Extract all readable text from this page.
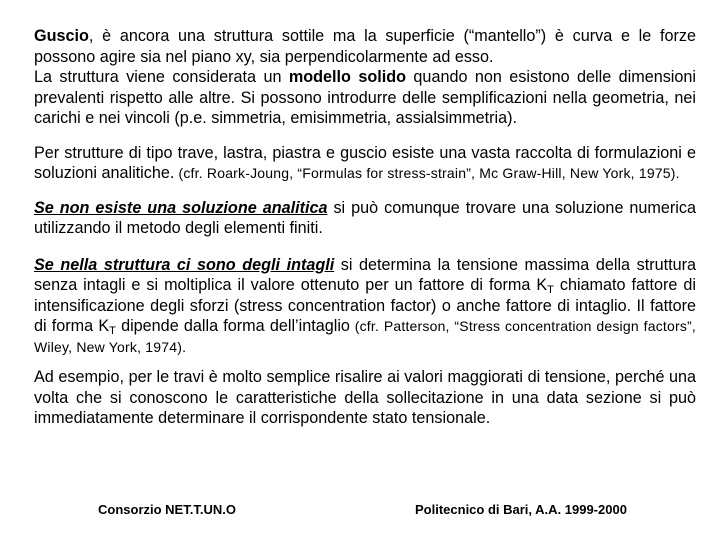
Guscio, è ancora una struttura sottile ma la superficie (“mantello”) è curva e le forze possono agire sia nel piano xy, sia perpendicolarmente ad esso.

La struttura viene considerata un modello solido quando non esistono delle dimensioni prevalenti rispetto alle altre. Si possono introdurre delle semplificazioni nella geometria, nei carichi e nei vincoli (p.e. simmetria, emisimmetria, assialsimmetria).

Per strutture di tipo trave, lastra, piastra e guscio esiste una vasta raccolta di formulazioni e soluzioni analitiche. (cfr. Roark-Joung, “Formulas for stress-strain”, Mc Graw-Hill, New York, 1975).

Se non esiste una soluzione analitica si può comunque trovare una soluzione numerica utilizzando il metodo degli elementi finiti.

Se nella struttura ci sono degli intagli si determina la tensione massima della struttura senza intagli e si moltiplica il valore ottenuto per un fattore di forma $K_T$ chiamato fattore di intensificazione degli sforzi (stress concentration factor) o anche fattore di intaglio. Il fattore di forma $K_T$ dipende dalla forma dell’intaglio (cfr. Patterson, “Stress concentration design factors”, Wiley, New York, 1974).

Ad esempio, per le travi è molto semplice risalire ai valori maggiorati di tensione, perché una volta che si conoscono le caratteristiche della sollecitazione in una data sezione si può immediatamente determinare il corrispondente stato tensionale.

Consorzio NET.T.UN.O	Politecnico di Bari, A.A. 1999-2000
